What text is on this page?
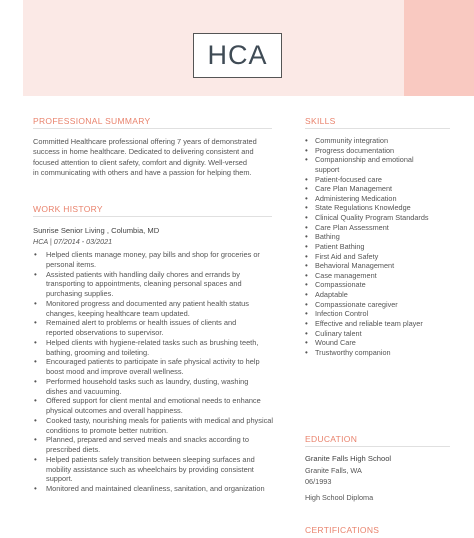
HCA
PROFESSIONAL SUMMARY
Committed Healthcare professional offering 7 years of demonstrated
success in home healthcare. Dedicated to delivering consistent and
focused attention to client safety, comfort and dignity. Well-versed
in communicating with others and have a passion for helping them.
WORK HISTORY
Sunrise Senior Living , Columbia, MD
HCA | 07/2014 - 03/2021
• Helped clients manage money, pay bills and shop for groceries or
personal items.
• Assisted patients with handling daily chores and errands by
transporting to appointments, cleaning personal spaces and
purchasing supplies.
• Monitored progress and documented any patient health status
changes, keeping healthcare team updated.
• Remained alert to problems or health issues of clients and
reported observations to supervisor.
• Helped clients with hygiene-related tasks such as brushing teeth,
bathing, grooming and toileting.
• Encouraged patients to participate in safe physical activity to help
boost mood and improve overall wellness.
• Performed household tasks such as laundry, dusting, washing
dishes and vacuuming.
• Offered support for client mental and emotional needs to enhance
physical outcomes and overall happiness.
• Cooked tasty, nourishing meals for patients with medical and physical
conditions to promote better nutrition.
• Planned, prepared and served meals and snacks according to
prescribed diets.
• Helped patients safely transition between sleeping surfaces and
mobility assistance such as wheelchairs by providing consistent
support.
• Monitored and maintained cleanliness, sanitation, and organization
SKILLS
• Community integration
• Progress documentation
• Companionship and emotional
support
• Patient-focused care
• Care Plan Management
• Administering Medication
• State Regulations Knowledge
• Clinical Quality Program Standards
• Care Plan Assessment
• Bathing
• Patient Bathing
• First Aid and Safety
• Behavioral Management
• Case management
• Compassionate
• Adaptable
• Compassionate caregiver
• Infection Control
• Effective and reliable team player
• Culinary talent
• Wound Care
• Trustworthy companion
EDUCATION
Granite Falls High School
Granite Falls, WA
06/1993
High School Diploma
CERTIFICATIONS
